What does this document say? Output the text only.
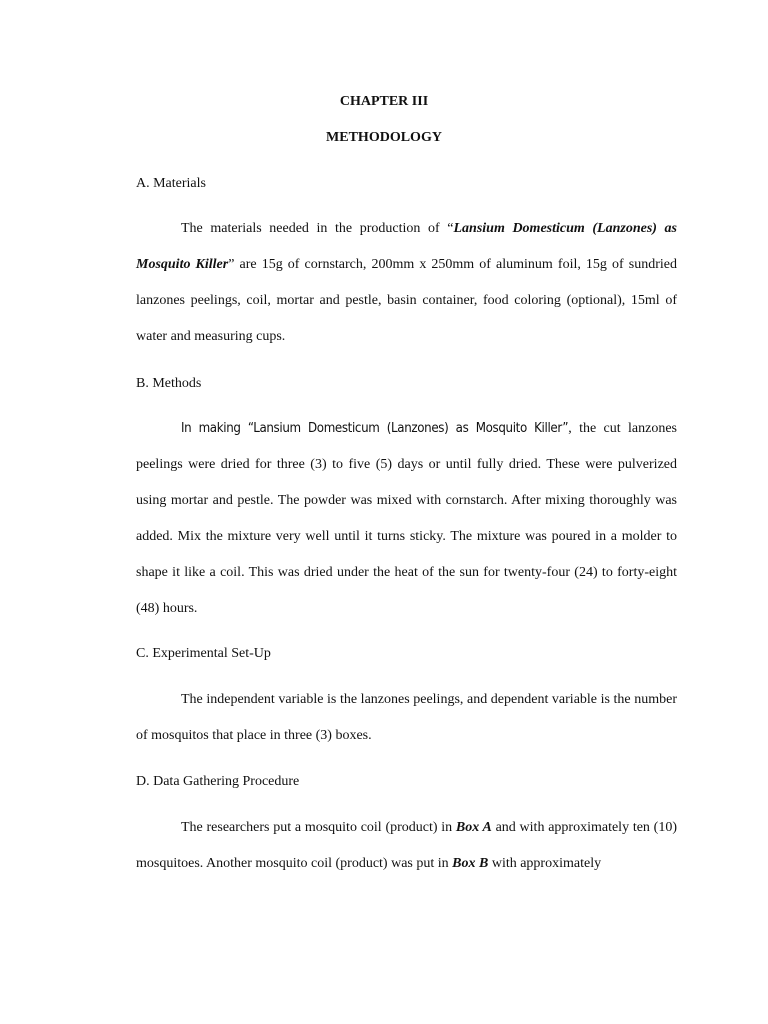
CHAPTER III
METHODOLOGY
A. Materials

The materials needed in the production of “Lansium Domesticum (Lanzones) as Mosquito Killer” are 15g of cornstarch, 200mm x 250mm of aluminum foil, 15g of sundried lanzones peelings, coil, mortar and pestle, basin container, food coloring (optional), 15ml of water and measuring cups.

B. Methods

In making “Lansium Domesticum (Lanzones) as Mosquito Killer”, the cut lanzones peelings were dried for three (3) to five (5) days or until fully dried. These were pulverized using mortar and pestle. The powder was mixed with cornstarch. After mixing thoroughly was added. Mix the mixture very well until it turns sticky. The mixture was poured in a molder to shape it like a coil. This was dried under the heat of the sun for twenty-four (24) to forty-eight (48) hours.

C. Experimental Set-Up

The independent variable is the lanzones peelings, and dependent variable is the number of mosquitos that place in three (3) boxes.

D. Data Gathering Procedure

The researchers put a mosquito coil (product) in Box A and with approximately ten (10) mosquitoes. Another mosquito coil (product) was put in Box B with approximately
